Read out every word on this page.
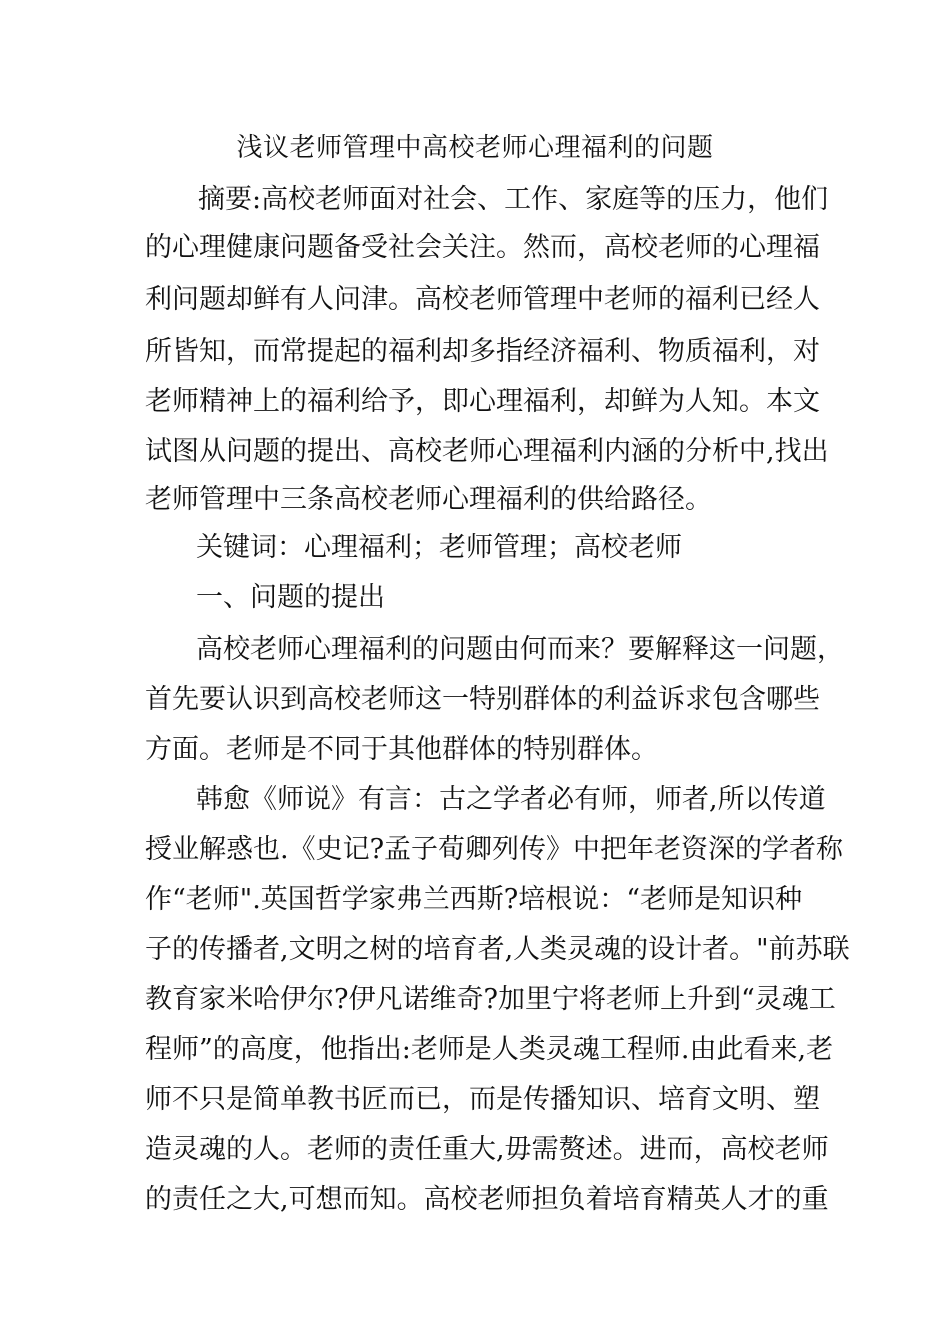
浅议老师管理中高校老师心理福利的问题

摘要:高校老师面对社会、工作、家庭等的压力，他们

的心理健康问题备受社会关注。然而，高校老师的心理福

利问题却鲜有人问津。高校老师管理中老师的福利已经人

所皆知，而常提起的福利却多指经济福利、物质福利，对

老师精神上的福利给予，即心理福利，却鲜为人知。本文

试图从问题的提出、高校老师心理福利内涵的分析中,找出

老师管理中三条高校老师心理福利的供给路径。

关键词：心理福利；老师管理；高校老师

一、问题的提出

高校老师心理福利的问题由何而来？要解释这一问题，

首先要认识到高校老师这一特别群体的利益诉求包含哪些

方面。老师是不同于其他群体的特别群体。

韩愈《师说》有言：古之学者必有师，师者,所以传道

授业解惑也.《史记?孟子荀卿列传》中把年老资深的学者称

作“老师".英国哲学家弗兰西斯?培根说：“老师是知识种

子的传播者,文明之树的培育者,人类灵魂的设计者。"前苏联

教育家米哈伊尔?伊凡诺维奇?加里宁将老师上升到“灵魂工

程师”的高度，他指出:老师是人类灵魂工程师.由此看来,老

师不只是简单教书匠而已，而是传播知识、培育文明、塑

造灵魂的人。老师的责任重大,毋需赘述。进而，高校老师

的责任之大,可想而知。高校老师担负着培育精英人才的重
